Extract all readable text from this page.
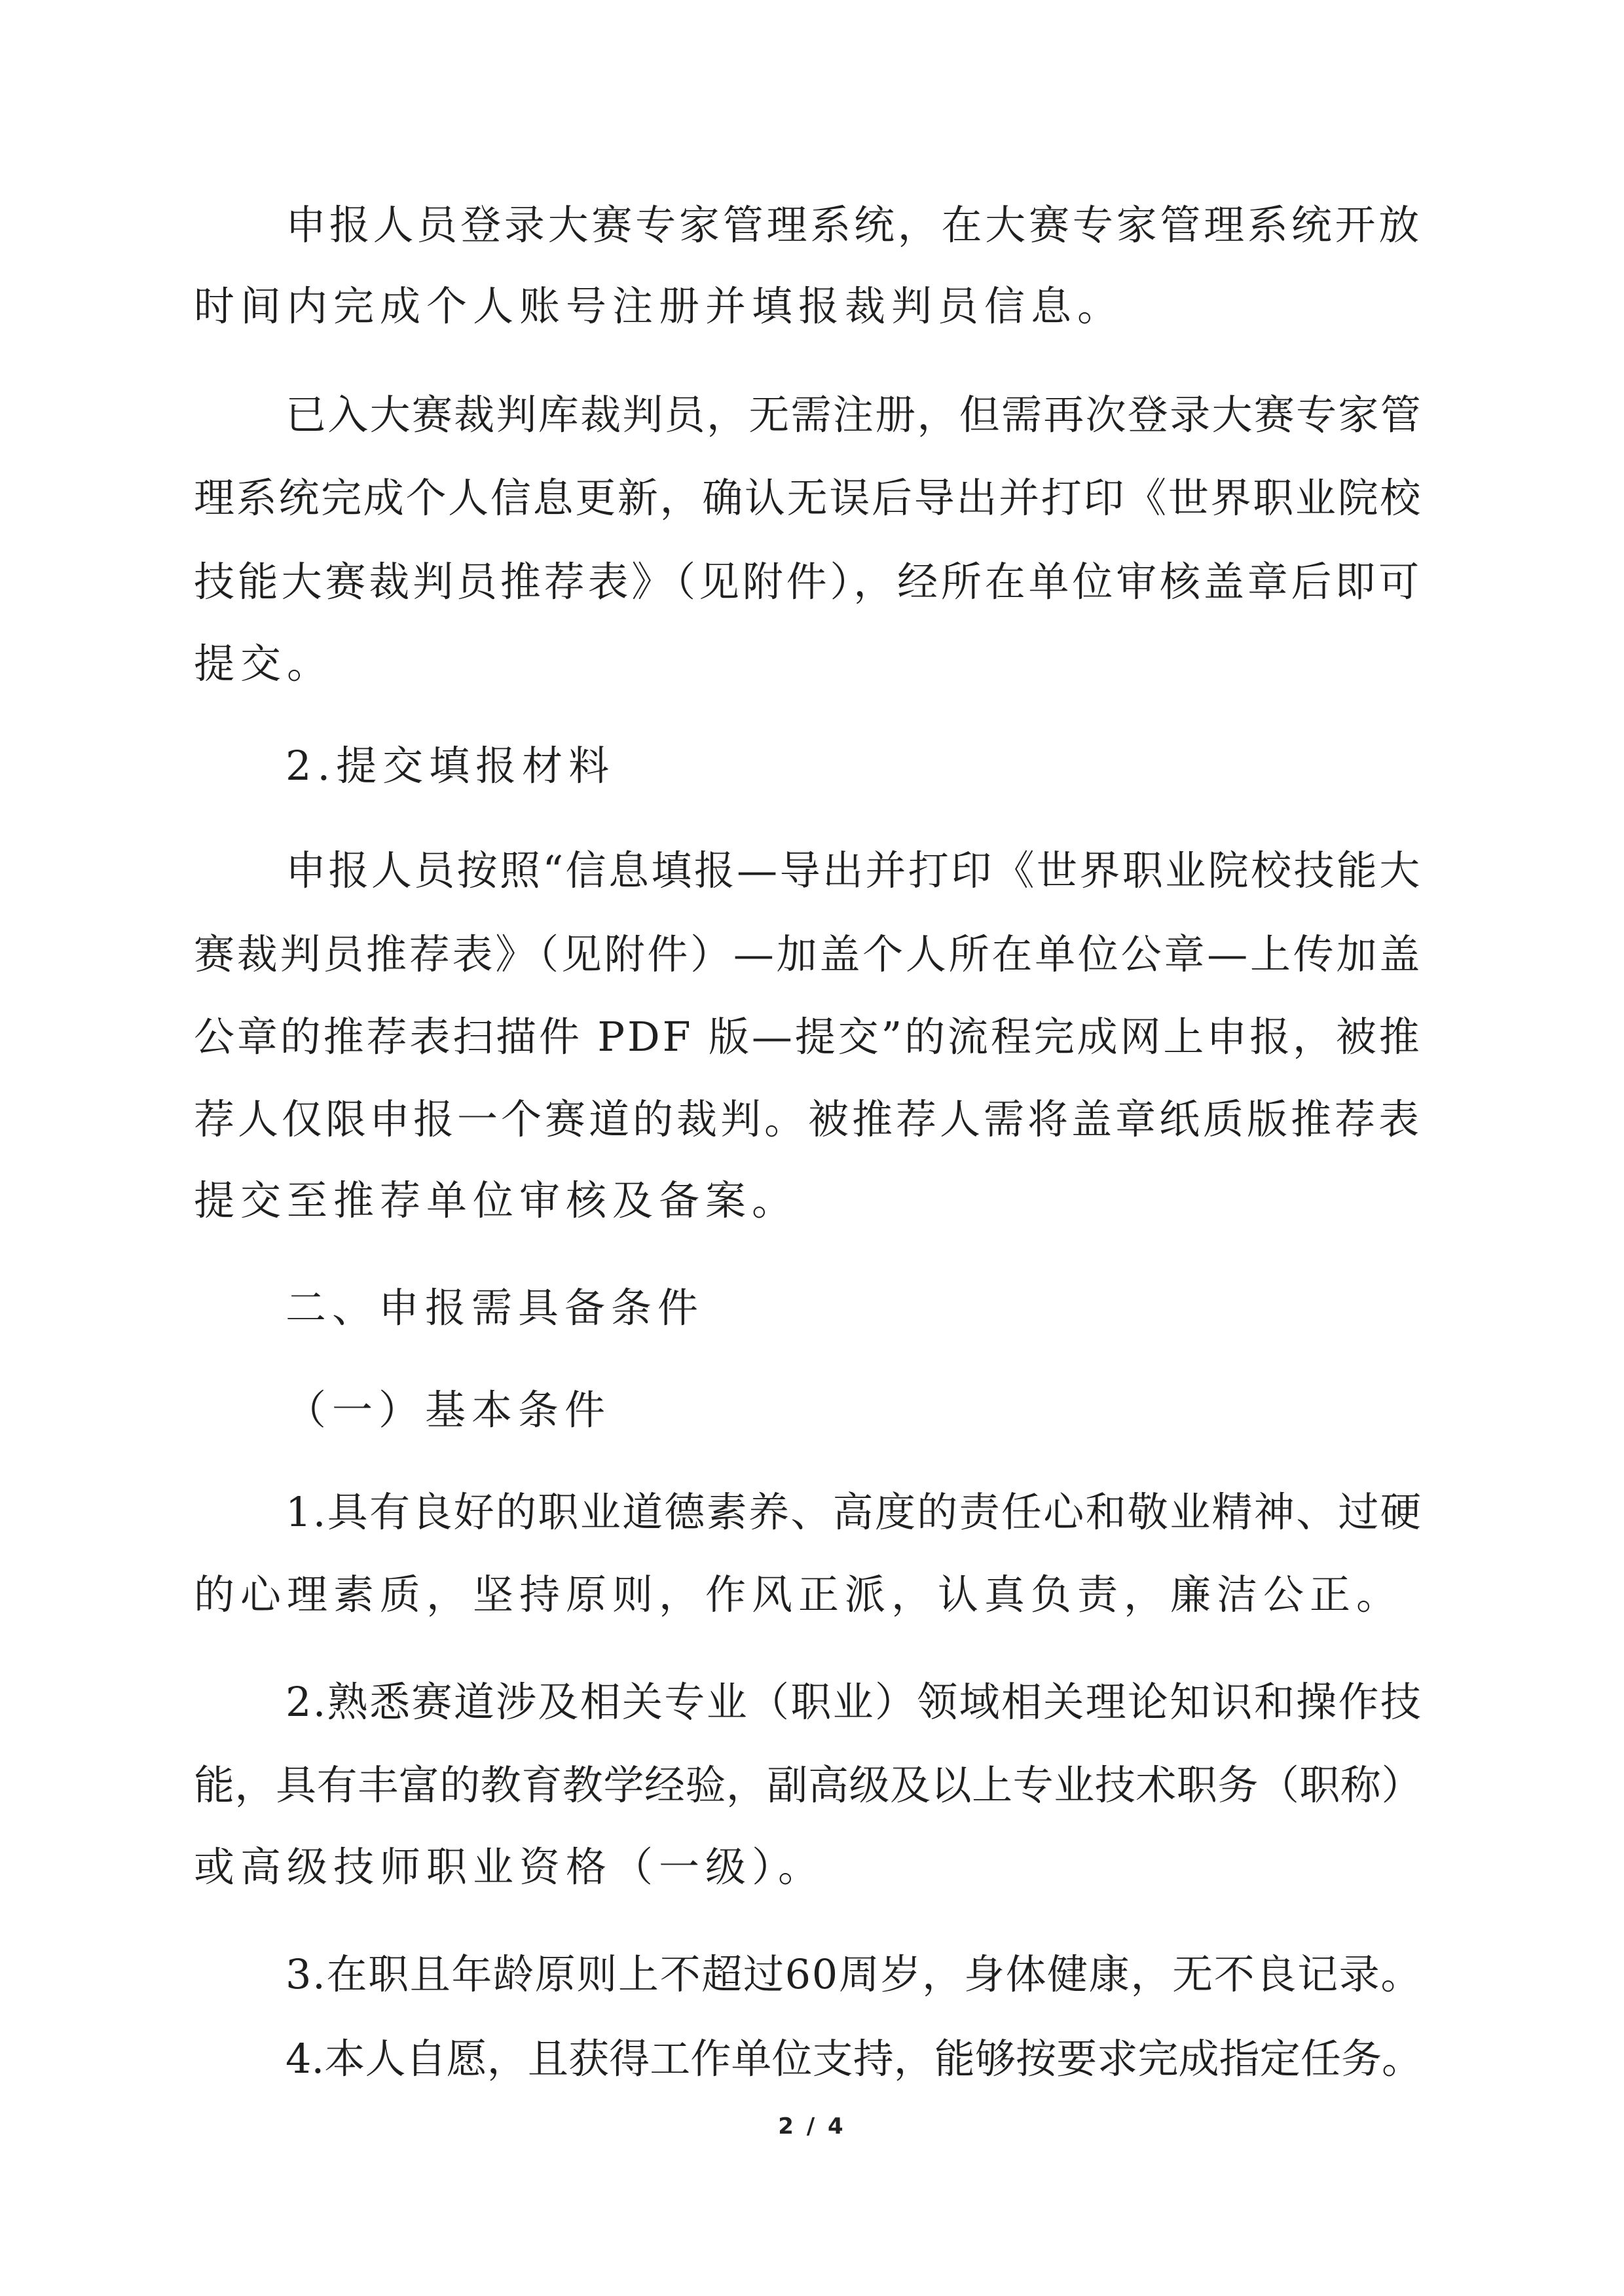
申报人员登录大赛专家管理系统，在大赛专家管理系统开放
时间内完成个人账号注册并填报裁判员信息。
已入大赛裁判库裁判员，无需注册，但需再次登录大赛专家管
理系统完成个人信息更新，确认无误后导出并打印《世界职业院校
技能大赛裁判员推荐表》（见附件），经所在单位审核盖章后即可
提交。
2.提交填报材料
申报人员按照“信息填报—导出并打印《世界职业院校技能大
赛裁判员推荐表》（见附件）—加盖个人所在单位公章—上传加盖
公章的推荐表扫描件 PDF 版—提交”的流程完成网上申报，被推
荐人仅限申报一个赛道的裁判。被推荐人需将盖章纸质版推荐表
提交至推荐单位审核及备案。
二、申报需具备条件
（一）基本条件
1.具有良好的职业道德素养、高度的责任心和敬业精神、过硬
的心理素质，坚持原则，作风正派，认真负责，廉洁公正。
2.熟悉赛道涉及相关专业（职业）领域相关理论知识和操作技
能，具有丰富的教育教学经验，副高级及以上专业技术职务（职称）
或高级技师职业资格（一级）。
3.在职且年龄原则上不超过60周岁，身体健康，无不良记录。
4.本人自愿，且获得工作单位支持，能够按要求完成指定任务。
2 / 4
